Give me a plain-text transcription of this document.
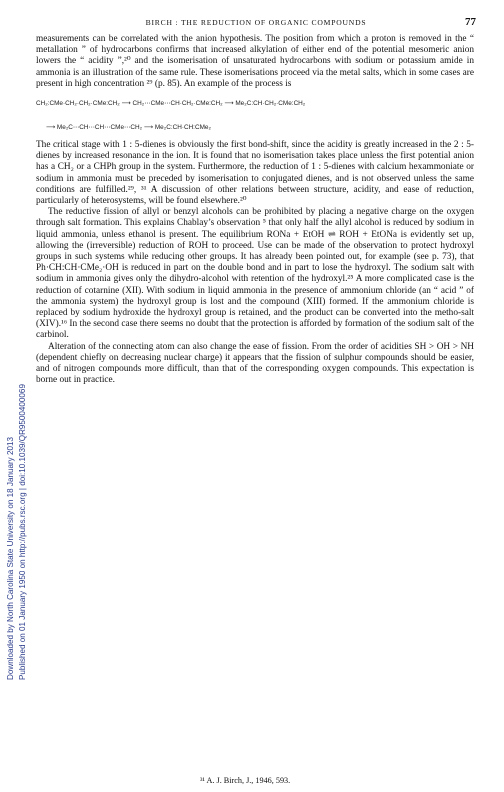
Downloaded by North Carolina State University on 18 January 2013 Published on 01 January 1950 on http://pubs.rsc.org | doi:10.1039/QR9500400069
BIRCH : THE REDUCTION OF ORGANIC COMPOUNDS	77

measurements can be correlated with the anion hypothesis. The position from which a proton is removed in the “ metallation ” of hydrocarbons confirms that increased alkylation of either end of the potential mesomeric anion lowers the “ acidity ”,²⁰ and the isomerisation of unsaturated hydrocarbons with sodium or potassium amide in ammonia is an illustration of the same rule. These isomerisations proceed via the metal salts, which in some cases are present in high concentration ²⁹ (p. 85). An example of the process is

CH₂:CMe·CH₂·CH₂·CMe:CH₂ ⟶ CH₂⋯CMe⋯CH·CH₂·CMe:CH₂ ⟶ Me₂C:CH·CH₂·CMe:CH₂
⟶ Me₂C⋯CH⋯CH⋯CMe⋯CH₂ ⟶ Me₂C:CH·CH:CMe₂

The critical stage with 1 : 5-dienes is obviously the first bond-shift, since the acidity is greatly increased in the 2 : 5-dienes by increased resonance in the ion. It is found that no isomerisation takes place unless the first potential anion has a CH₂ or a CHPh group in the system. Furthermore, the reduction of 1 : 5-dienes with calcium hexammoniate or sodium in ammonia must be preceded by isomerisation to conjugated dienes, and is not observed unless the same conditions are fulfilled.²⁹, ³¹ A discussion of other relations between structure, acidity, and ease of reduction, particularly of heterosystems, will be found elsewhere.²⁰

The reductive fission of allyl or benzyl alcohols can be prohibited by placing a negative charge on the oxygen through salt formation. This explains Chablay’s observation ⁵ that only half the allyl alcohol is reduced by sodium in liquid ammonia, unless ethanol is present. The equilibrium RONa + EtOH ⇌ ROH + EtONa is evidently set up, allowing the (irreversible) reduction of ROH to proceed. Use can be made of the observation to protect hydroxyl groups in such systems while reducing other groups. It has already been pointed out, for example (see p. 73), that Ph·CH:CH·CMe₂·OH is reduced in part on the double bond and in part to lose the hydroxyl. The sodium salt with sodium in ammonia gives only the dihydro-alcohol with retention of the hydroxyl.²⁵ A more complicated case is the reduction of cotarnine (XII). With sodium in liquid ammonia in the presence of ammonium chloride (an “ acid ” of the ammonia system) the hydroxyl group is lost and the compound (XIII) formed. If the ammonium chloride is replaced by sodium hydroxide the hydroxyl group is retained, and the product can be converted into the metho-salt (XIV).¹⁶ In the second case there seems no doubt that the protection is afforded by formation of the sodium salt of the carbinol.

Alteration of the connecting atom can also change the ease of fission. From the order of acidities SH > OH > NH (dependent chiefly on decreasing nuclear charge) it appears that the fission of sulphur compounds should be easier, and of nitrogen compounds more difficult, than that of the corresponding oxygen compounds. This expectation is borne out in practice.

³¹ A. J. Birch, J., 1946, 593.
